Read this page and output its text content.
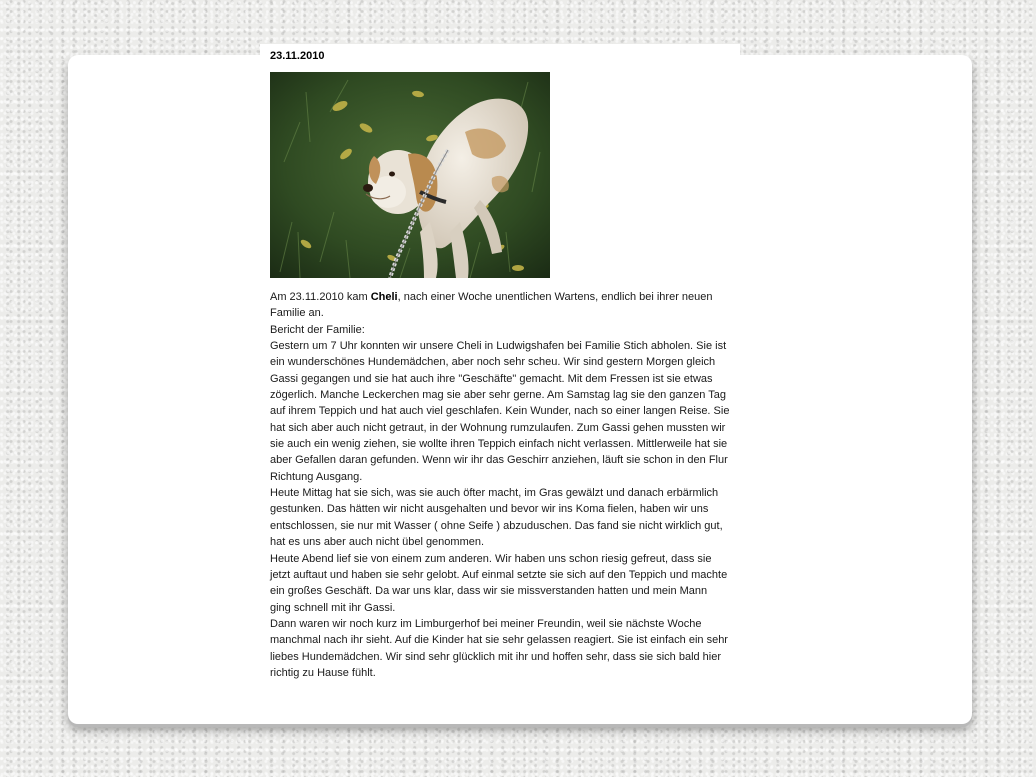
23.11.2010

Am 23.11.2010 kam Cheli, nach einer Woche unentlichen Wartens, endlich bei ihrer neuen Familie an.

Bericht der Familie:

Gestern um 7 Uhr konnten wir unsere Cheli in Ludwigshafen bei Familie Stich abholen. Sie ist ein wunderschönes Hundemädchen, aber noch sehr scheu. Wir sind gestern Morgen gleich Gassi gegangen und sie hat auch ihre "Geschäfte" gemacht. Mit dem Fressen ist sie etwas zögerlich. Manche Leckerchen mag sie aber sehr gerne. Am Samstag lag sie den ganzen Tag auf ihrem Teppich und hat auch viel geschlafen. Kein Wunder, nach so einer langen Reise. Sie hat sich aber auch nicht getraut, in der Wohnung rumzulaufen. Zum Gassi gehen mussten wir sie auch ein wenig ziehen, sie wollte ihren Teppich einfach nicht verlassen. Mittlerweile hat sie aber Gefallen daran gefunden. Wenn wir ihr das Geschirr anziehen, läuft sie schon in den Flur Richtung Ausgang.

Heute Mittag hat sie sich, was sie auch öfter macht, im Gras gewälzt und danach erbärmlich gestunken. Das hätten wir nicht ausgehalten und bevor wir ins Koma fielen, haben wir uns entschlossen, sie nur mit Wasser ( ohne Seife ) abzuduschen. Das fand sie nicht wirklich gut, hat es uns aber auch nicht übel genommen.

Heute Abend lief sie von einem zum anderen. Wir haben uns schon riesig gefreut, dass sie jetzt auftaut und haben sie sehr gelobt. Auf einmal setzte sie sich auf den Teppich und machte ein großes Geschäft. Da war uns klar, dass wir sie missverstanden hatten und mein Mann ging schnell mit ihr Gassi.

Dann waren wir noch kurz im Limburgerhof bei meiner Freundin, weil sie nächste Woche manchmal nach ihr sieht. Auf die Kinder hat sie sehr gelassen reagiert. Sie ist einfach ein sehr liebes Hundemädchen. Wir sind sehr glücklich mit ihr und hoffen sehr, dass sie sich bald hier richtig zu Hause fühlt.
